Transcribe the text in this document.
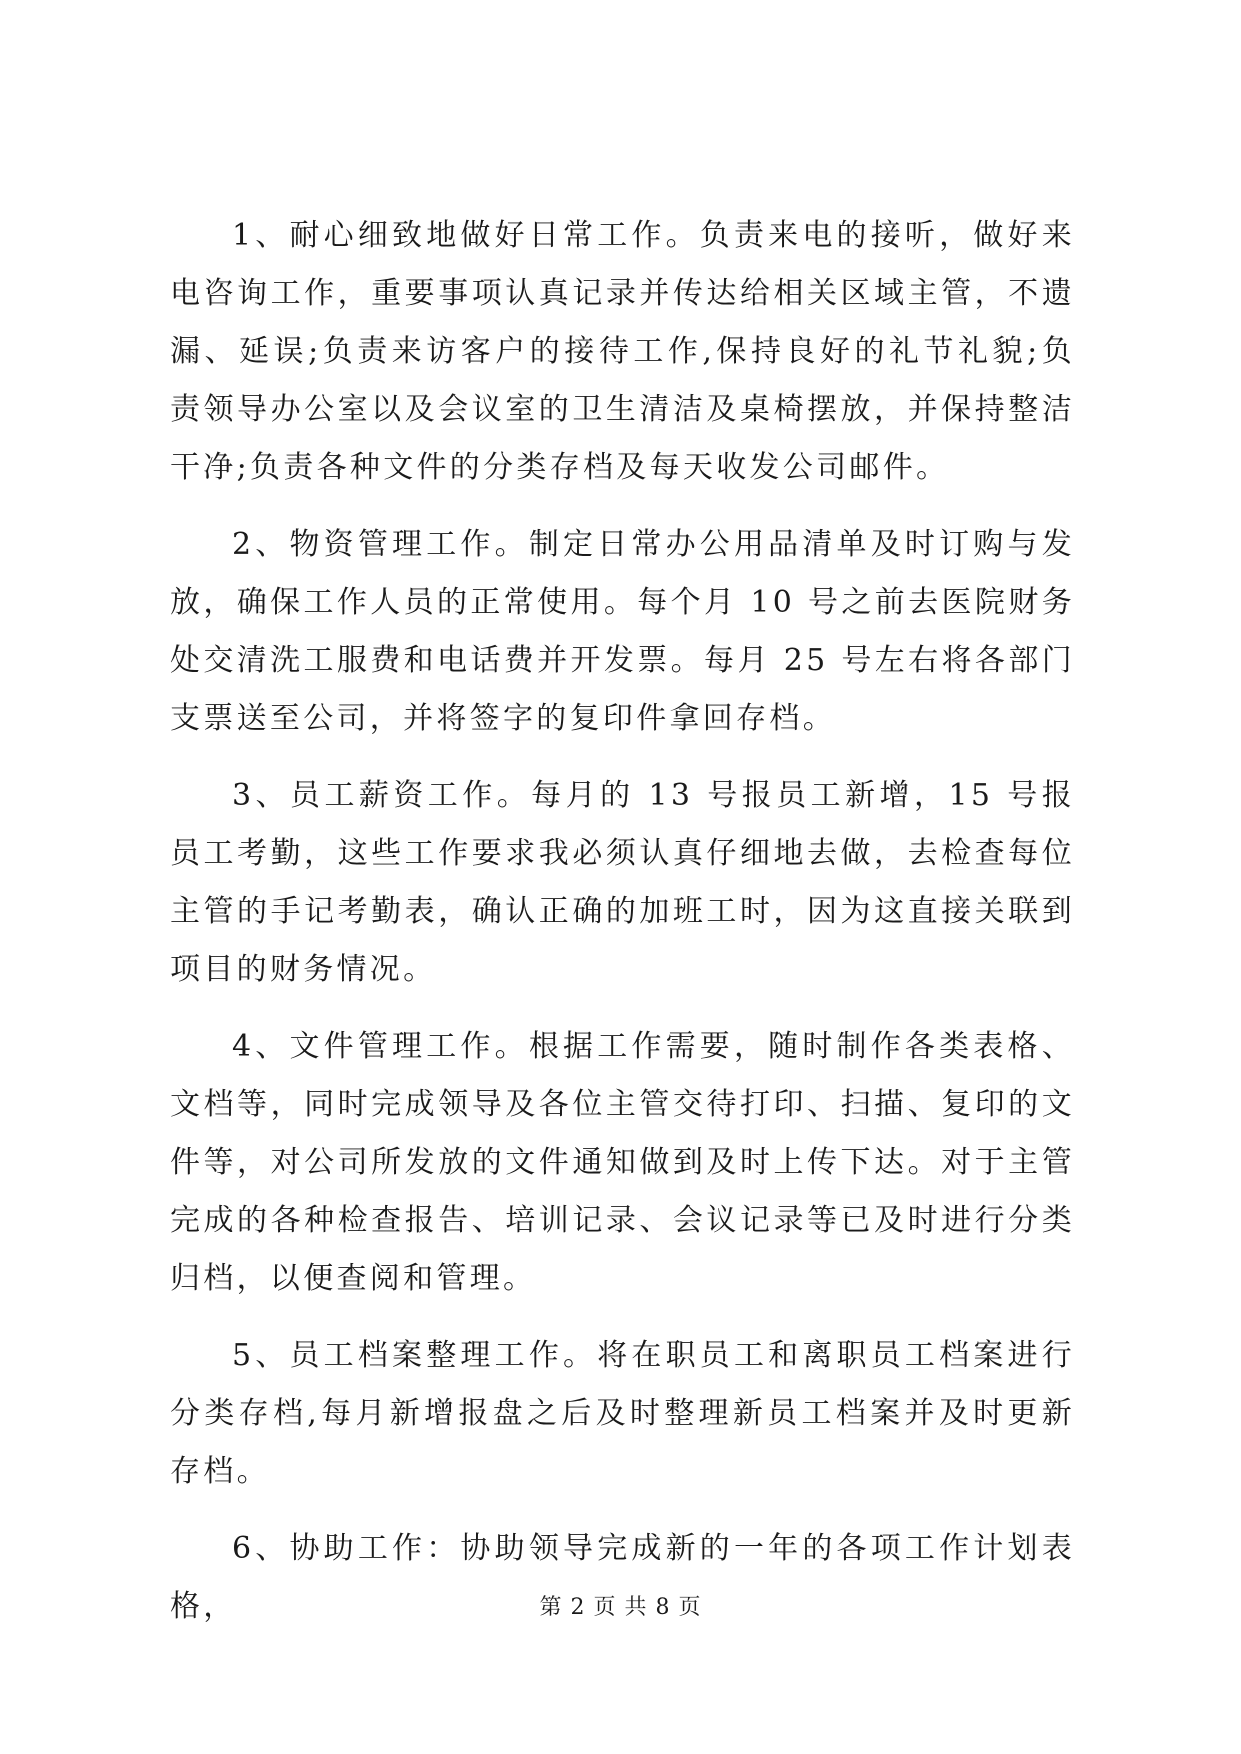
1、耐心细致地做好日常工作。负责来电的接听，做好来电咨询工作，重要事项认真记录并传达给相关区域主管，不遗漏、延误;负责来访客户的接待工作,保持良好的礼节礼貌;负责领导办公室以及会议室的卫生清洁及桌椅摆放，并保持整洁干净;负责各种文件的分类存档及每天收发公司邮件。

2、物资管理工作。制定日常办公用品清单及时订购与发放，确保工作人员的正常使用。每个月 10 号之前去医院财务处交清洗工服费和电话费并开发票。每月 25 号左右将各部门支票送至公司，并将签字的复印件拿回存档。

3、员工薪资工作。每月的 13 号报员工新增，15 号报员工考勤，这些工作要求我必须认真仔细地去做，去检查每位主管的手记考勤表，确认正确的加班工时，因为这直接关联到项目的财务情况。

4、文件管理工作。根据工作需要，随时制作各类表格、文档等，同时完成领导及各位主管交待打印、扫描、复印的文件等，对公司所发放的文件通知做到及时上传下达。对于主管完成的各种检查报告、培训记录、会议记录等已及时进行分类归档，以便查阅和管理。

5、员工档案整理工作。将在职员工和离职员工档案进行分类存档,每月新增报盘之后及时整理新员工档案并及时更新存档。

6、协助工作：协助领导完成新的一年的各项工作计划表格，	第 2 页 共 8 页
